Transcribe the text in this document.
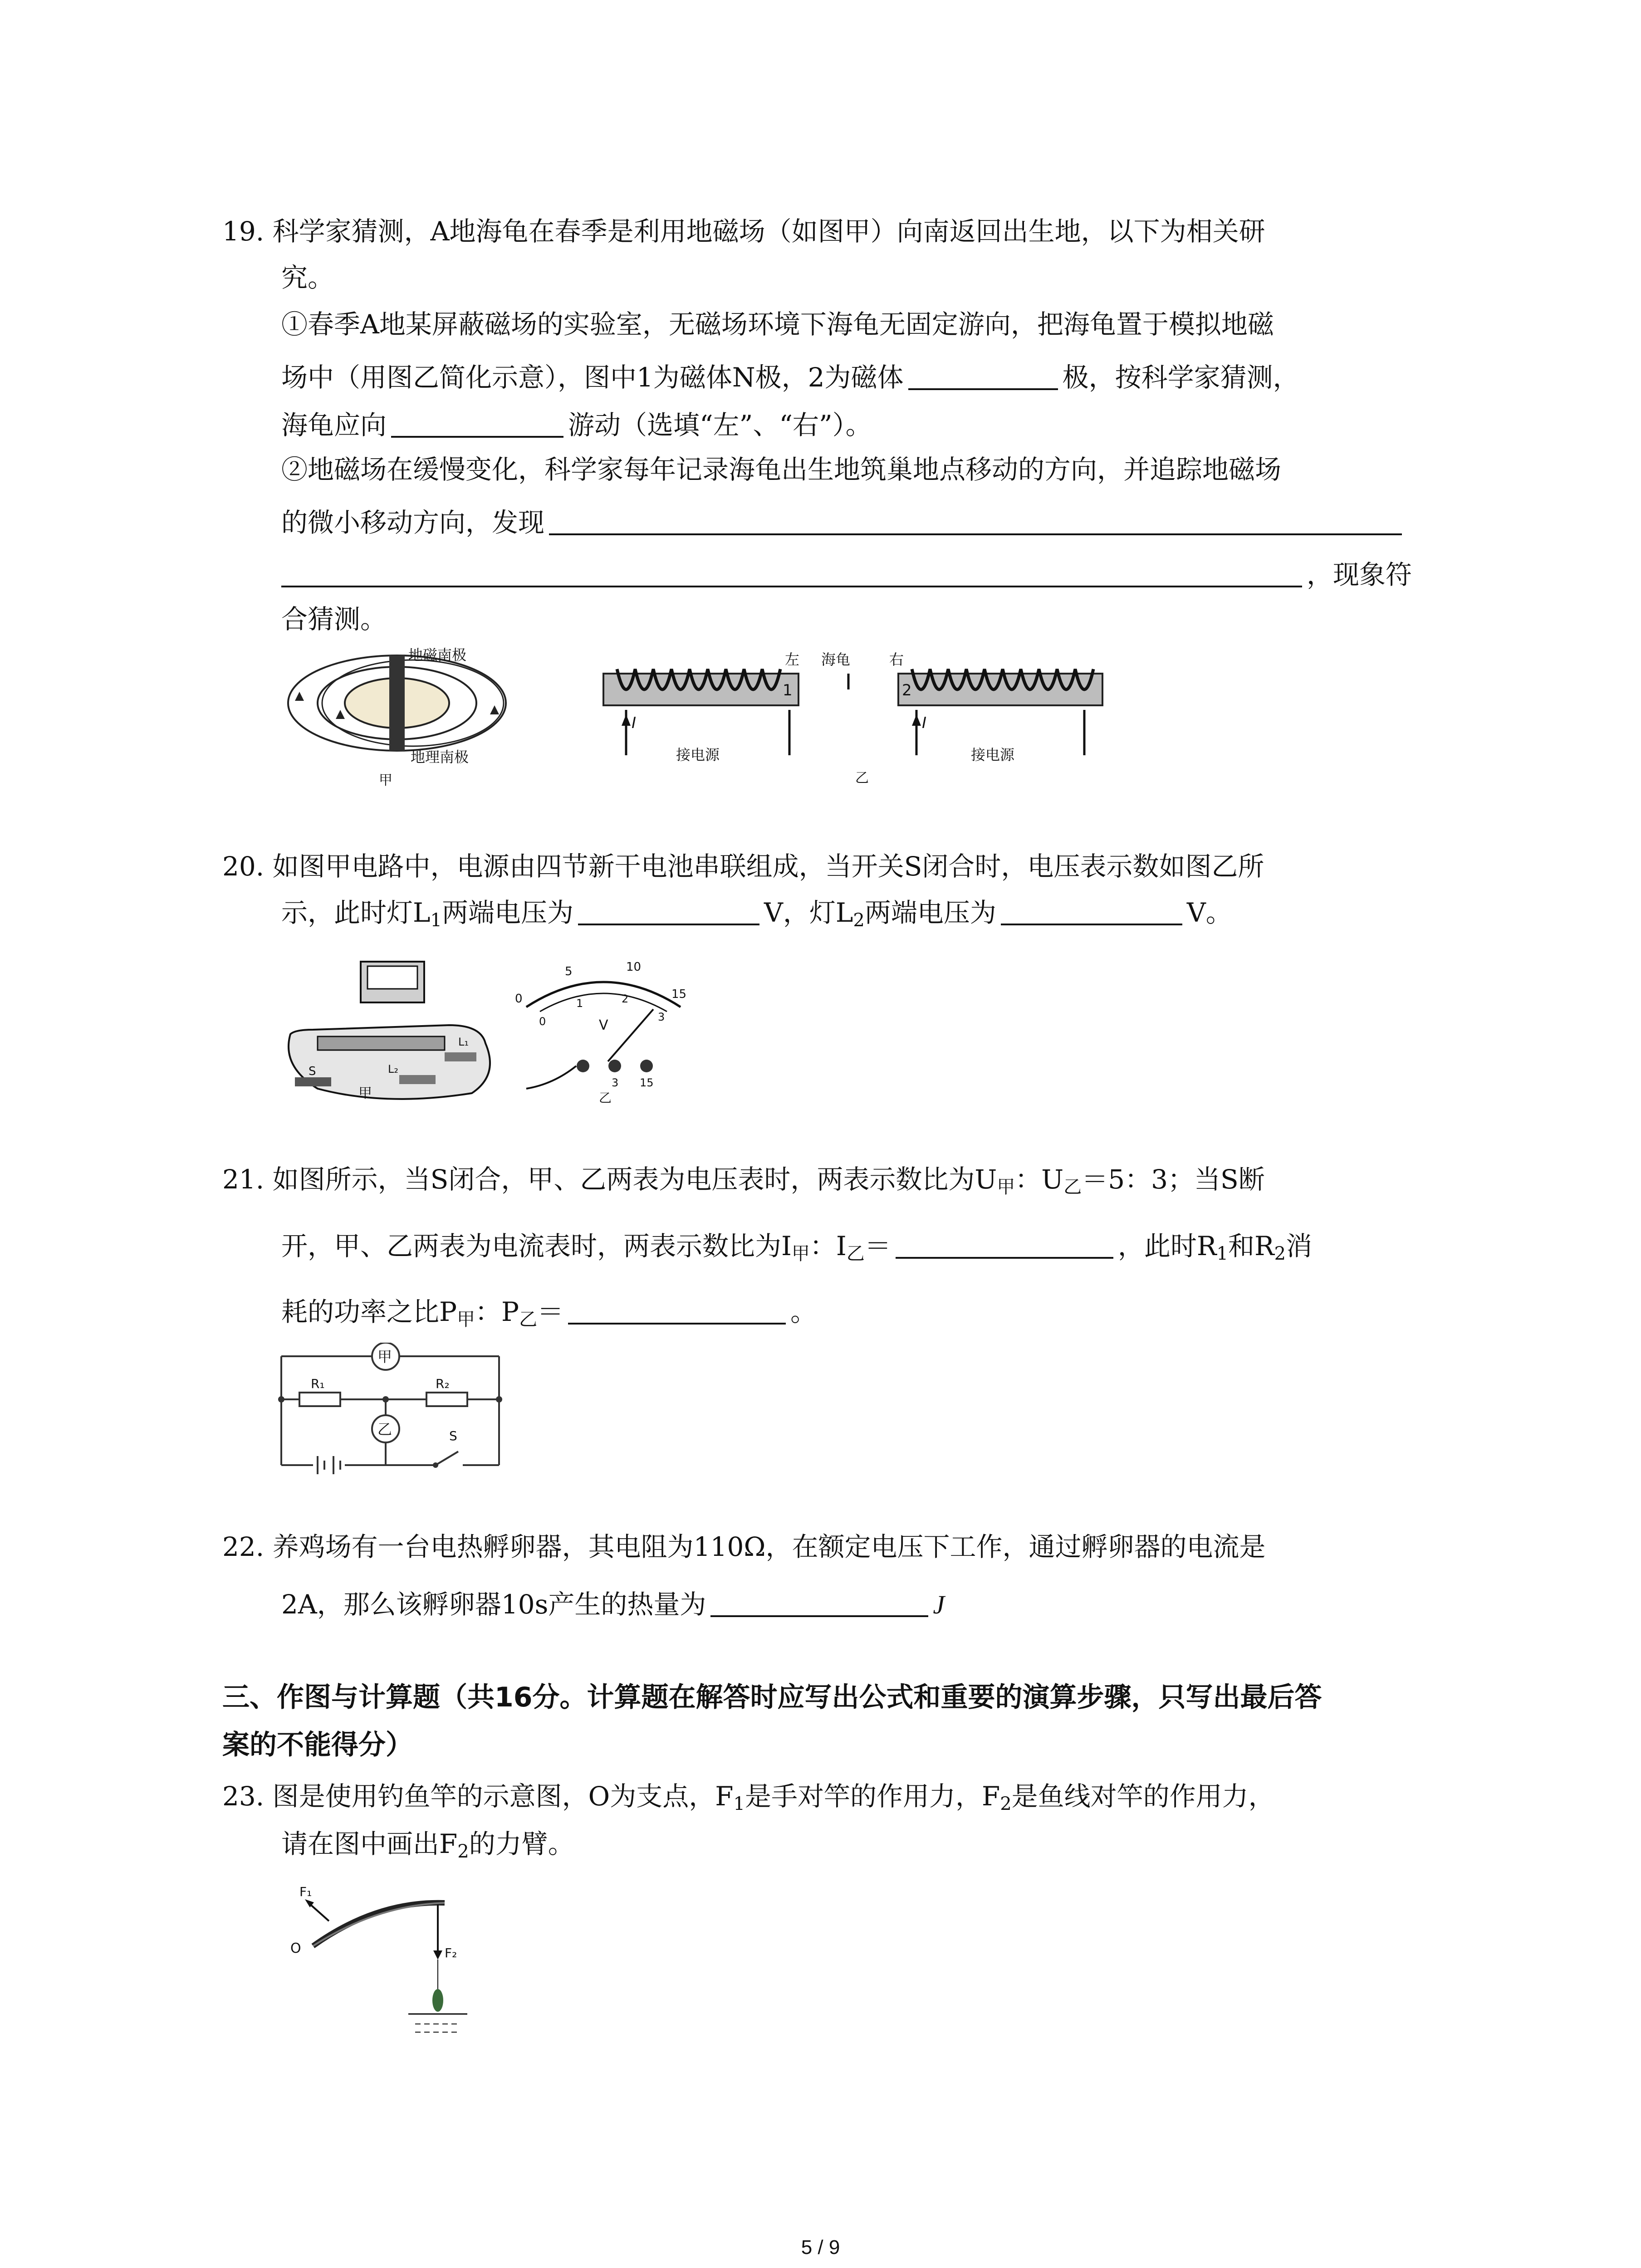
19. 科学家猜测，A地海龟在春季是利用地磁场（如图甲）向南返回出生地，以下为相关研
究。
①春季A地某屏蔽磁场的实验室，无磁场环境下海龟无固定游向，把海龟置于模拟地磁
场中（用图乙简化示意），图中1为磁体N极，2为磁体	极，按科学家猜测，
海龟应向	游动（选填“左”、“右”）。
②地磁场在缓慢变化，科学家每年记录海龟出生地筑巢地点移动的方向，并追踪地磁场
的微小移动方向，发现
，现象符
合猜测。
地磁南极
地理南极
甲
I	I
1	2
左 海龟	右
接电源	接电源
乙
20. 如图甲电路中，电源由四节新干电池串联组成，当开关S闭合时，电压表示数如图乙所
示，此时灯$L_1$两端电压为	V，灯$L_2$两端电压为	V。
S
L₁
L₂
甲
0
5	10
15
0
1	2
3
V
3 15
乙
21. 如图所示，当S闭合，甲、乙两表为电压表时，两表示数比为$U_甲$：$U_乙=5$：3；当S断
开，甲、乙两表为电流表时，两表示数比为$I_甲$：$I_乙=$	，此时$R_1$和$R_2$消
耗的功率之比$P_甲$：$P_乙=$	。
甲
乙
R₁	R₂
S
22. 养鸡场有一台电热孵卵器，其电阻为110Ω，在额定电压下工作，通过孵卵器的电流是
2A，那么该孵卵器10s产生的热量为	J
三、作图与计算题（共16分。计算题在解答时应写出公式和重要的演算步骤，只写出最后答
案的不能得分）
23. 图是使用钓鱼竿的示意图，O为支点，$F_1$是手对竿的作用力，$F_2$是鱼线对竿的作用力，
请在图中画出$F_2$的力臂。
F₁
O	F₂
5 / 9
